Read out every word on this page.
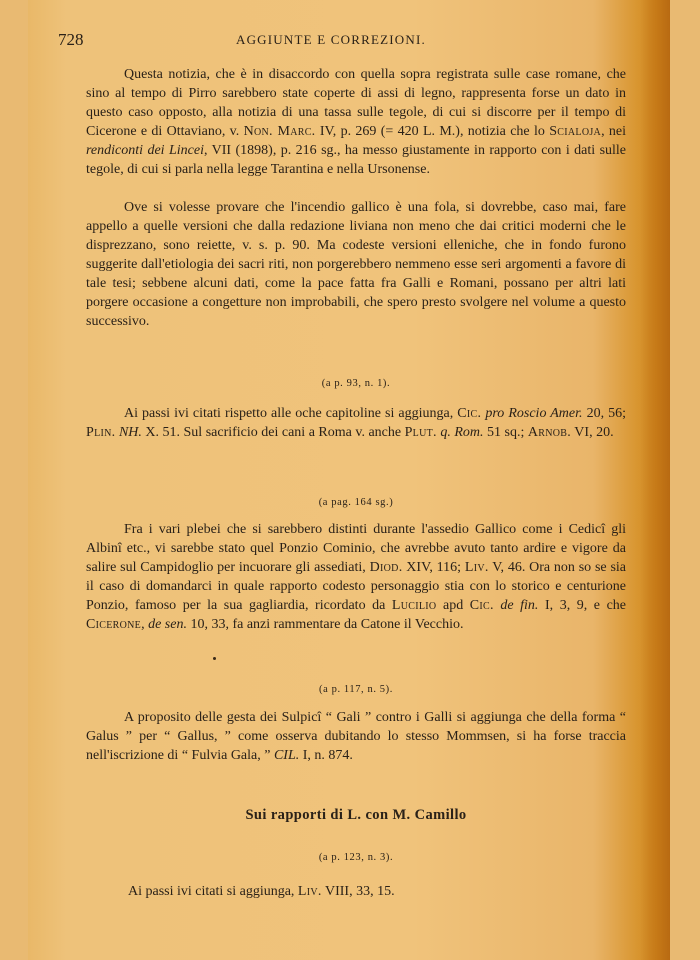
728	AGGIUNTE E CORREZIONI.

Questa notizia, che è in disaccordo con quella sopra registrata sulle case romane, che sino al tempo di Pirro sarebbero state coperte di assi di legno, rappresenta forse un dato in questo caso opposto, alla notizia di una tassa sulle tegole, di cui si discorre per il tempo di Cicerone e di Ottaviano, v. Non. Marc. IV, p. 269 (= 420 L. M.), notizia che lo Scialoja, nei rendiconti dei Lincei, VII (1898), p. 216 sg., ha messo giustamente in rapporto con i dati sulle tegole, di cui si parla nella legge Tarantina e nella Ursonense.

Ove si volesse provare che l'incendio gallico è una fola, si dovrebbe, caso mai, fare appello a quelle versioni che dalla redazione liviana non meno che dai critici moderni che le disprezzano, sono reiette, v. s. p. 90. Ma codeste versioni elleniche, che in fondo furono suggerite dall'etiologia dei sacri riti, non porgerebbero nemmeno esse seri argomenti a favore di tale tesi; sebbene alcuni dati, come la pace fatta fra Galli e Romani, possano per altri lati porgere occasione a congetture non improbabili, che spero presto svolgere nel volume a questo successivo.

(a p. 93, n. 1).

Ai passi ivi citati rispetto alle oche capitoline si aggiunga, Cic. pro Roscio Amer. 20, 56; Plin. NH. X. 51. Sul sacrificio dei cani a Roma v. anche Plut. q. Rom. 51 sq.; Arnob. VI, 20.

(a pag. 164 sg.)

Fra i vari plebei che si sarebbero distinti durante l'assedio Gallico come i Cedicî gli Albinî etc., vi sarebbe stato quel Ponzio Cominio, che avrebbe avuto tanto ardire e vigore da salire sul Campidoglio per incuorare gli assediati, Diod. XIV, 116; Liv. V, 46. Ora non so se sia il caso di domandarci in quale rapporto codesto personaggio stia con lo storico e centurione Ponzio, famoso per la sua gagliardia, ricordato da Lucilio apd Cic. de fin. I, 3, 9, e che Cicerone, de sen. 10, 33, fa anzi rammentare da Catone il Vecchio.

(a p. 117, n. 5).

A proposito delle gesta dei Sulpicî “ Gali ” contro i Galli si aggiunga che della forma “ Galus ” per “ Gallus, ” come osserva dubitando lo stesso Mommsen, si ha forse traccia nell'iscrizione di “ Fulvia Gala, ” CIL. I, n. 874.

Sui rapporti di L. con M. Camillo
(a p. 123, n. 3).

Ai passi ivi citati si aggiunga, Liv. VIII, 33, 15.
